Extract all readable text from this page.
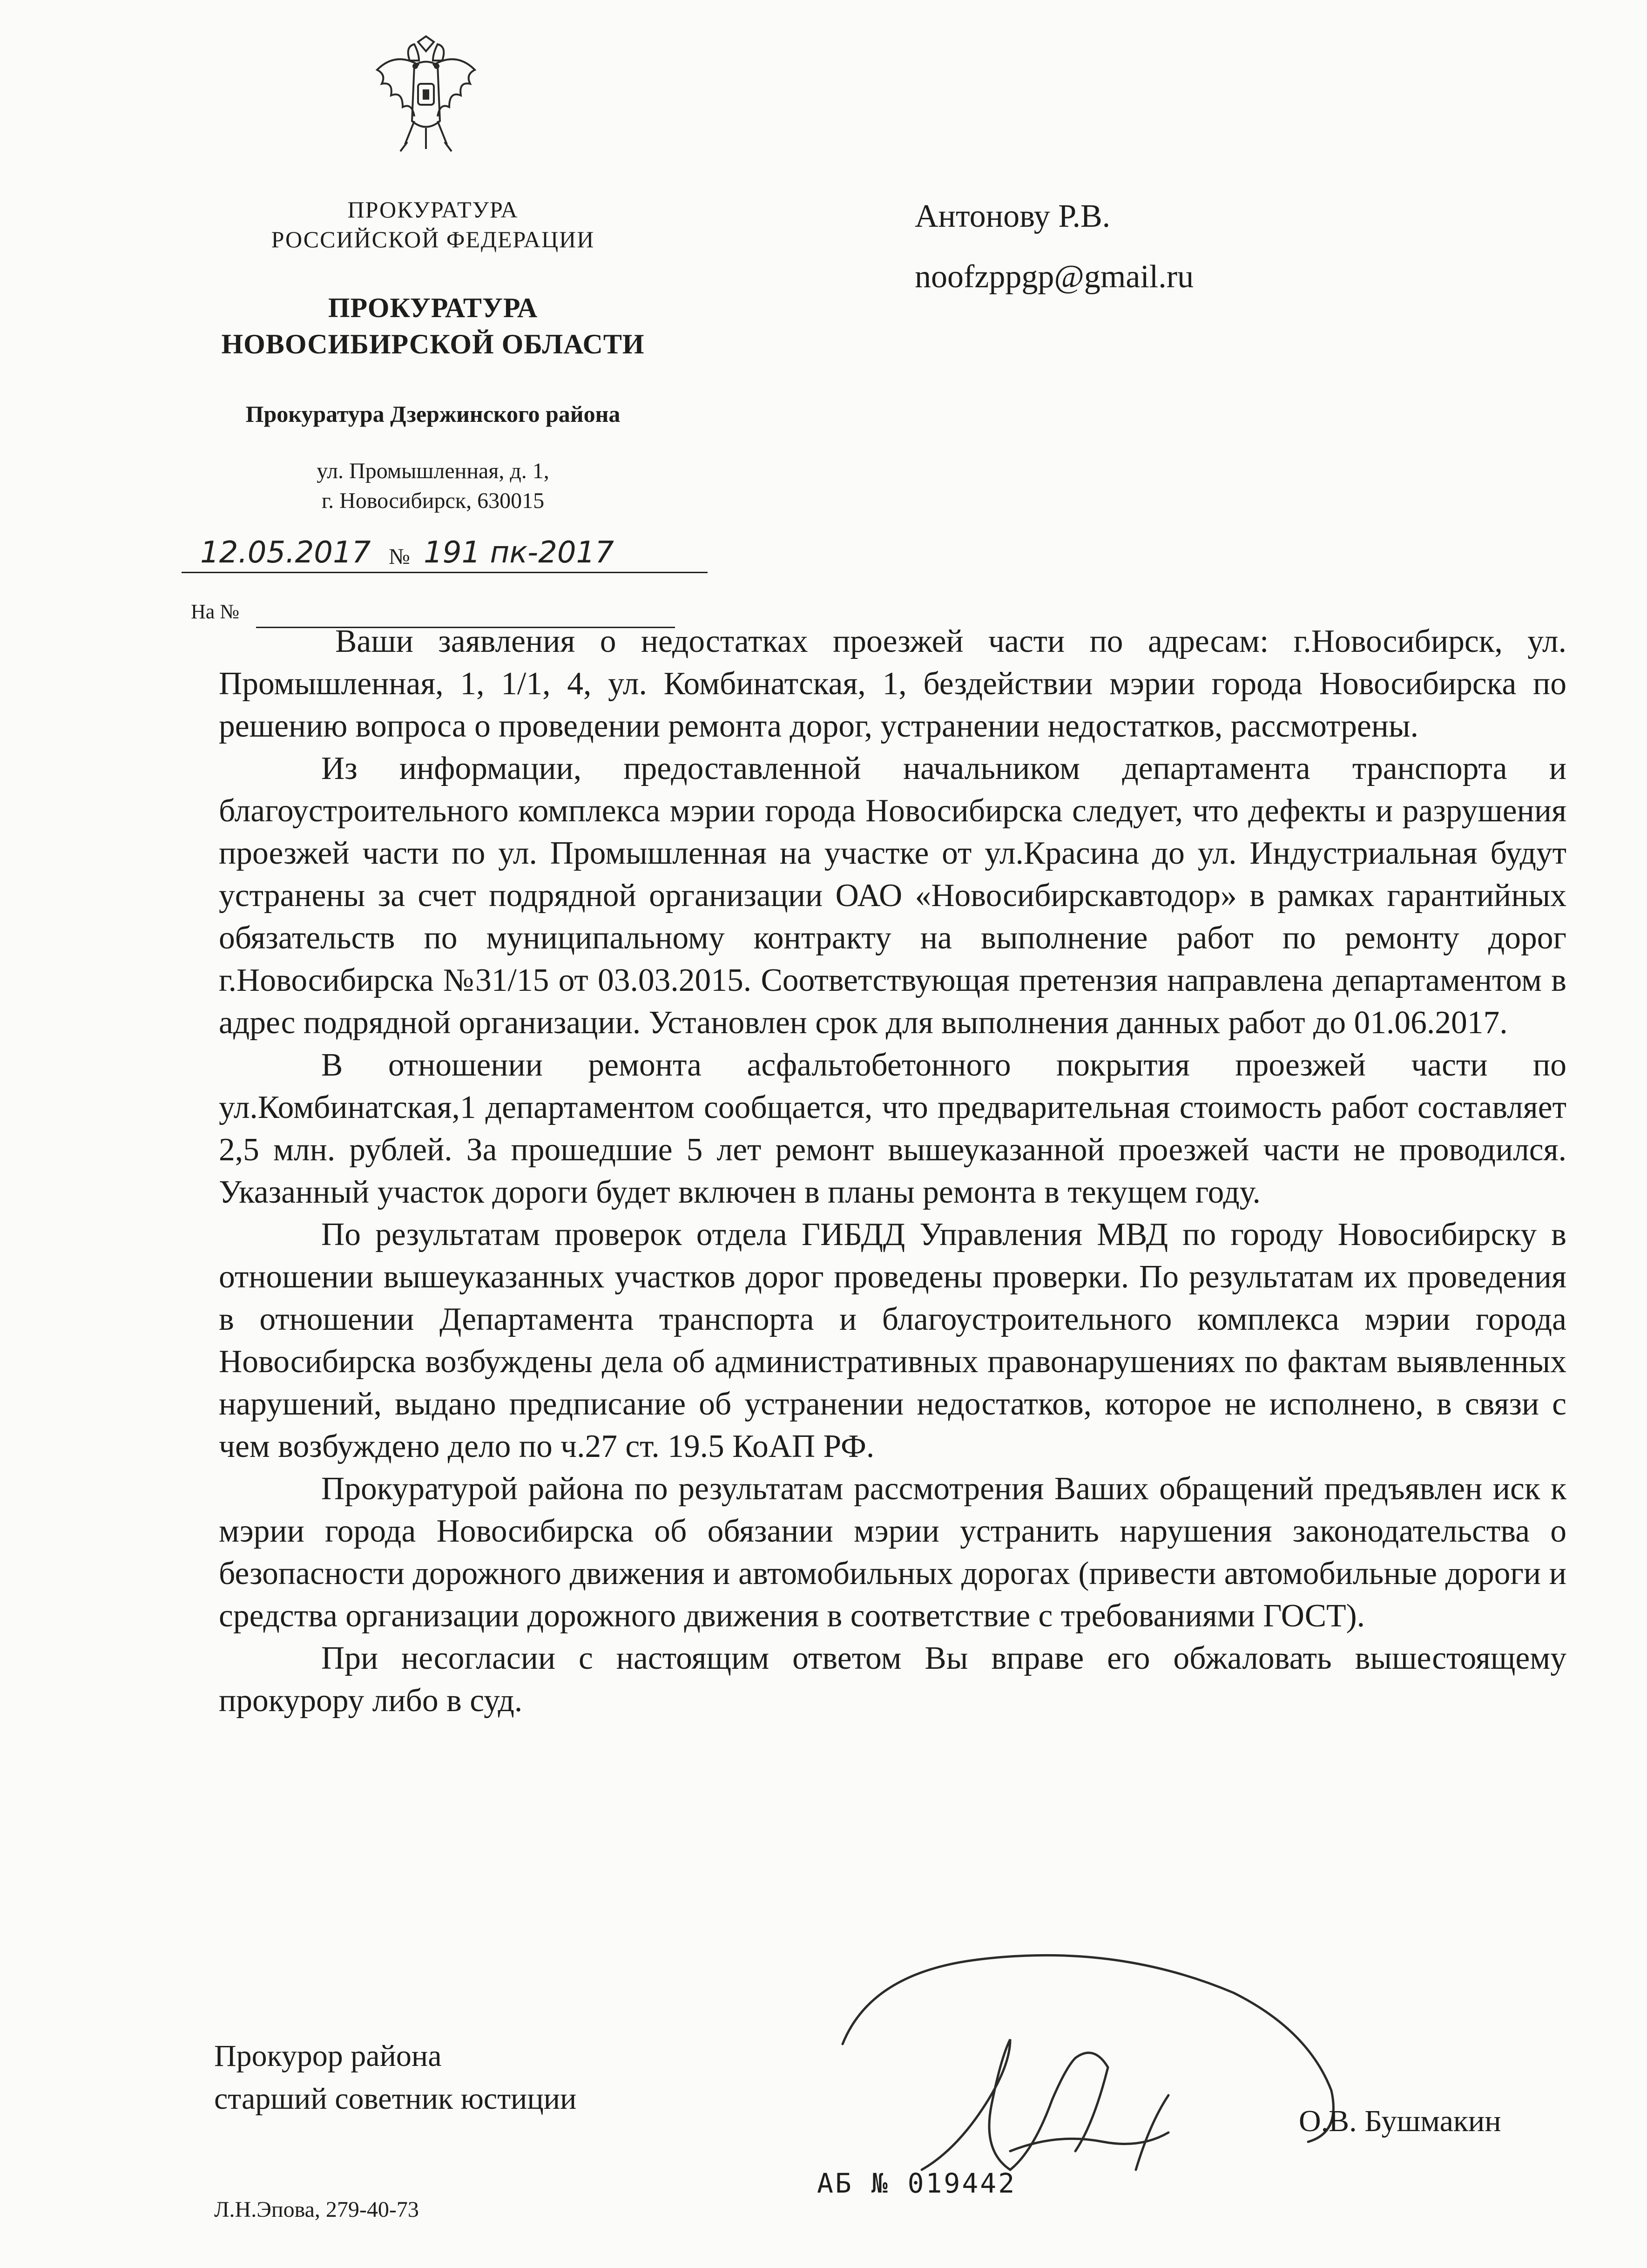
ПРОКУРАТУРА
РОССИЙСКОЙ ФЕДЕРАЦИИ
ПРОКУРАТУРА
НОВОСИБИРСКОЙ ОБЛАСТИ
Прокуратура Дзержинского района
ул. Промышленная, д. 1,
г. Новосибирск, 630015
12.05.2017 № 191 пк-2017
На №
Антонову Р.В.
noofzppgp@gmail.ru

Ваши заявления о недостатках проезжей части по адресам: г.Новосибирск, ул. Промышленная, 1, 1/1, 4, ул. Комбинатская, 1, бездействии мэрии города Новосибирска по решению вопроса о проведении ремонта дорог, устранении недостатков, рассмотрены.

Из информации, предоставленной начальником департамента транспорта и благоустроительного комплекса мэрии города Новосибирска следует, что дефекты и разрушения проезжей части по ул. Промышленная на участке от ул.Красина до ул. Индустриальная будут устранены за счет подрядной организации ОАО «Новосибирскавтодор» в рамках гарантийных обязательств по муниципальному контракту на выполнение работ по ремонту дорог г.Новосибирска №31/15 от 03.03.2015. Соответствующая претензия направлена департаментом в адрес подрядной организации. Установлен срок для выполнения данных работ до 01.06.2017.

В отношении ремонта асфальтобетонного покрытия проезжей части по ул.Комбинатская,1 департаментом сообщается, что предварительная стоимость работ составляет 2,5 млн. рублей. За прошедшие 5 лет ремонт вышеуказанной проезжей части не проводился. Указанный участок дороги будет включен в планы ремонта в текущем году.

По результатам проверок отдела ГИБДД Управления МВД по городу Новосибирску в отношении вышеуказанных участков дорог проведены проверки. По результатам их проведения в отношении Департамента транспорта и благоустроительного комплекса мэрии города Новосибирска возбуждены дела об административных правонарушениях по фактам выявленных нарушений, выдано предписание об устранении недостатков, которое не исполнено, в связи с чем возбуждено дело по ч.27 ст. 19.5 КоАП РФ.

Прокуратурой района по результатам рассмотрения Ваших обращений предъявлен иск к мэрии города Новосибирска об обязании мэрии устранить нарушения законодательства о безопасности дорожного движения и автомобильных дорогах (привести автомобильные дороги и средства организации дорожного движения в соответствие с требованиями ГОСТ).

При несогласии с настоящим ответом Вы вправе его обжаловать вышестоящему прокурору либо в суд.

Прокурор района
старший советник юстиции
О.В. Бушмакин
Л.Н.Эпова, 279-40-73
АБ № 019442
